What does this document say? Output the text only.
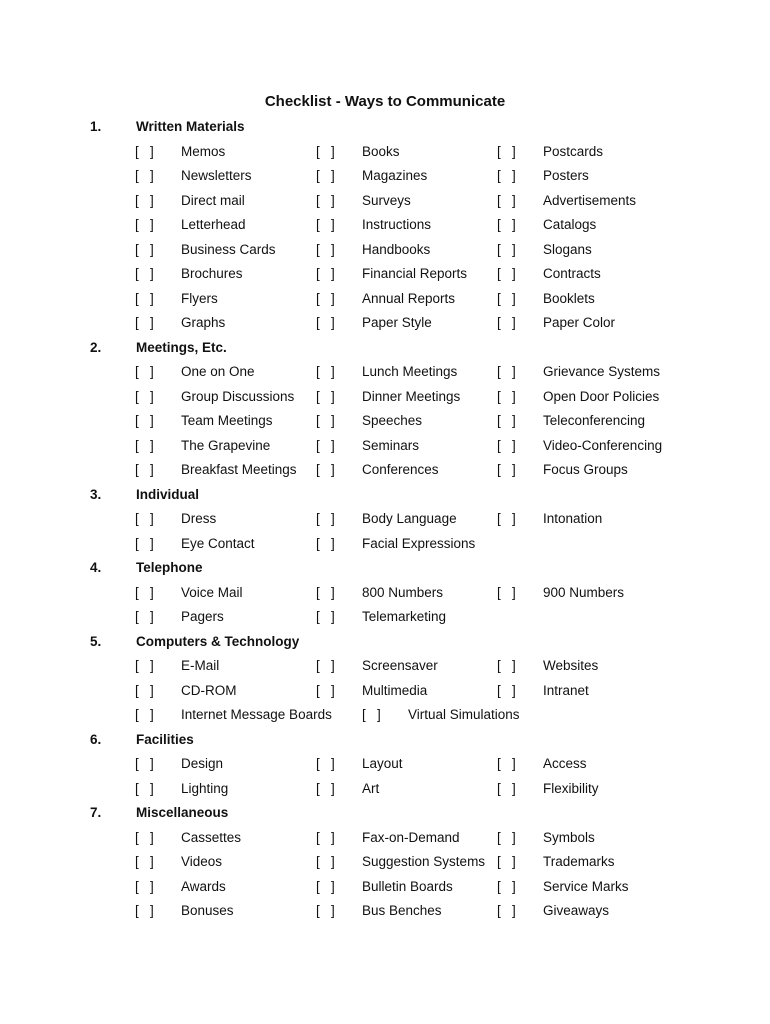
Checklist - Ways to Communicate
1.	Written Materials
[   ] Memos	[   ] Books	[   ] Postcards
[   ] Newsletters	[   ] Magazines	[   ] Posters
[   ] Direct mail	[   ] Surveys	[   ] Advertisements
[   ] Letterhead	[   ] Instructions	[   ] Catalogs
[   ] Business Cards	[   ] Handbooks	[   ] Slogans
[   ] Brochures	[   ] Financial Reports [   ] Contracts
[   ] Flyers	[   ] Annual Reports	[   ] Booklets
[   ] Graphs	[   ] Paper Style	[   ] Paper Color
2.	Meetings, Etc.
[   ] One on One	[   ] Lunch Meetings	[   ] Grievance Systems
[   ] Group Discussions [   ] Dinner Meetings	[   ] Open Door Policies
[   ] Team Meetings	[   ] Speeches	[   ] Teleconferencing
[   ] The Grapevine	[   ] Seminars	[   ] Video-Conferencing
[   ] Breakfast Meetings [   ] Conferences	[   ] Focus Groups
3.	Individual
[   ] Dress	[   ] Body Language	[   ] Intonation
[   ] Eye Contact	[   ] Facial Expressions
4.	Telephone
[   ] Voice Mail	[   ] 800 Numbers	[   ] 900 Numbers
[   ] Pagers	[   ] Telemarketing
5.	Computers & Technology
[   ] E-Mail	[   ] Screensaver	[   ] Websites
[   ] CD-ROM	[   ] Multimedia	[   ] Intranet
[   ] Internet Message Boards [   ] Virtual Simulations
6.	Facilities
[   ] Design	[   ] Layout	[   ] Access
[   ] Lighting	[   ] Art	[   ] Flexibility
7.	Miscellaneous
[   ] Cassettes	[   ] Fax-on-Demand	[   ] Symbols
[   ] Videos	[   ] Suggestion Systems [   ] Trademarks
[   ] Awards	[   ] Bulletin Boards	[   ] Service Marks
[   ] Bonuses	[   ] Bus Benches	[   ] Giveaways
